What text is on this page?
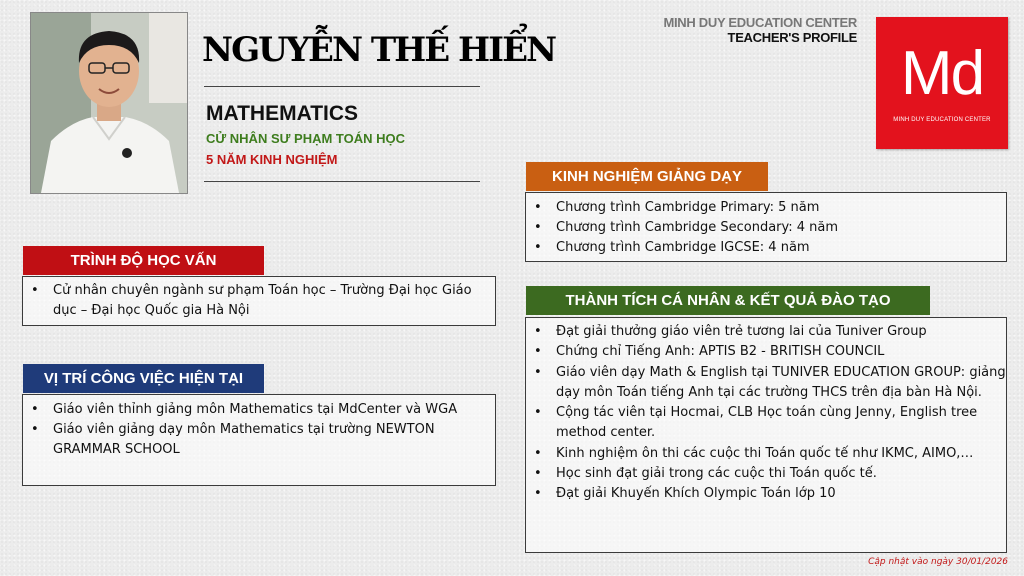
NGUYỄN THẾ HIỂN
MATHEMATICS
CỬ NHÂN SƯ PHẠM TOÁN HỌC
5 NĂM KINH NGHIỆM
MINH DUY EDUCATION CENTER
TEACHER'S PROFILE
Md
MINH DUY EDUCATION CENTER
TRÌNH ĐỘ HỌC VẤN
• Cử nhân chuyên ngành sư phạm Toán học – Trường Đại học Giáo dục – Đại học Quốc gia Hà Nội
VỊ TRÍ CÔNG VIỆC HIỆN TẠI
• Giáo viên thỉnh giảng môn Mathematics tại MdCenter và WGA
• Giáo viên giảng dạy môn Mathematics tại trường NEWTON GRAMMAR SCHOOL
KINH NGHIỆM GIẢNG DẠY
• Chương trình Cambridge Primary: 5 năm
• Chương trình Cambridge Secondary: 4 năm
• Chương trình Cambridge IGCSE: 4 năm
THÀNH TÍCH CÁ NHÂN & KẾT QUẢ ĐÀO TẠO
• Đạt giải thưởng giáo viên trẻ tương lai của Tuniver Group
• Chứng chỉ Tiếng Anh: APTIS B2 - BRITISH COUNCIL
• Giáo viên dạy Math & English tại TUNIVER EDUCATION GROUP: giảng dạy môn Toán tiếng Anh tại các trường THCS trên địa bàn Hà Nội.
• Cộng tác viên tại Hocmai, CLB Học toán cùng Jenny, English tree method center.
• Kinh nghiệm ôn thi các cuộc thi Toán quốc tế như IKMC, AIMO,…
• Học sinh đạt giải trong các cuộc thi Toán quốc tế.
• Đạt giải Khuyến Khích Olympic Toán lớp 10
Cập nhật vào ngày 30/01/2026
